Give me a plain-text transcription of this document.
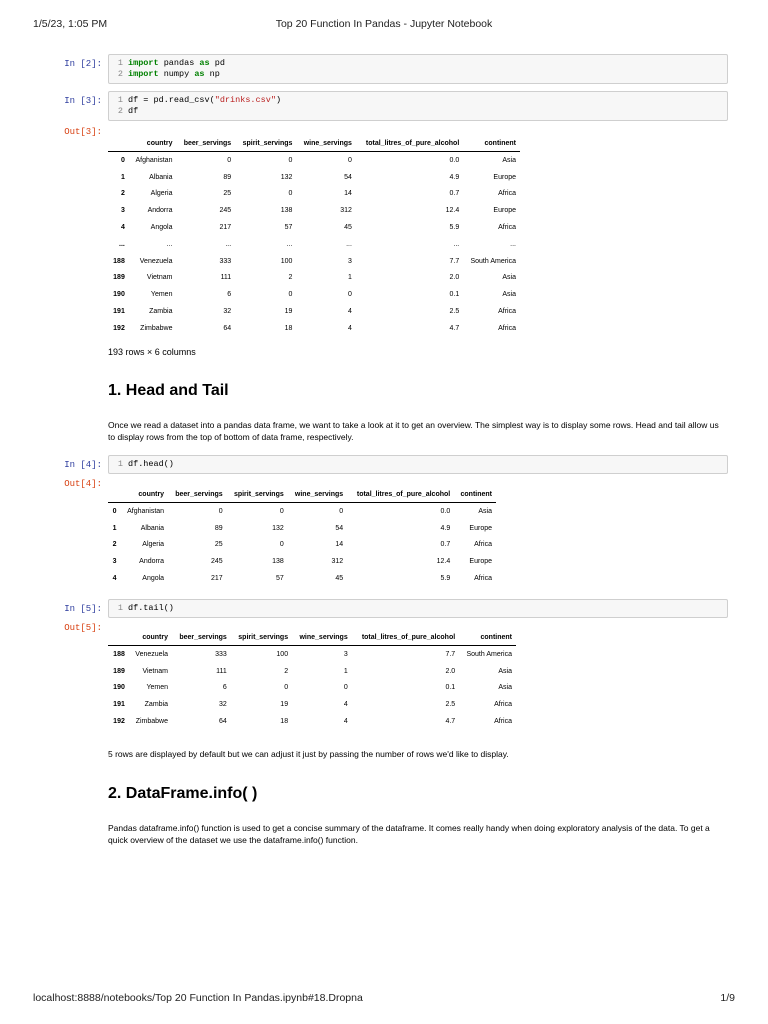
1/5/23, 1:05 PM	Top 20 Function In Pandas - Jupyter Notebook
In [2]:	1 import pandas as pd
2 import numpy as np
In [3]:	1 df = pd.read_csv("drinks.csv")
2 df
Out[3]:
	country	beer_servings	spirit_servings	wine_servings	total_litres_of_pure_alcohol	continent
0	Afghanistan	0	0	0	0.0	Asia
1	Albania	89	132	54	4.9	Europe
2	Algeria	25	0	14	0.7	Africa
3	Andorra	245	138	312	12.4	Europe
4	Angola	217	57	45	5.9	Africa
...	...	...	...	...	...	...
188	Venezuela	333	100	3	7.7	South America
189	Vietnam	111	2	1	2.0	Asia
190	Yemen	6	0	0	0.1	Asia
191	Zambia	32	19	4	2.5	Africa
192	Zimbabwe	64	18	4	4.7	Africa
193 rows × 6 columns
1. Head and Tail

Once we read a dataset into a pandas data frame, we want to take a look at it to get an overview. The simplest way is to display some rows. Head and tail allow us to display rows from the top of bottom of data frame, respectively.

In [4]:	1 df.head()
Out[4]:
	country	beer_servings	spirit_servings	wine_servings	total_litres_of_pure_alcohol	continent
0	Afghanistan	0	0	0	0.0	Asia
1	Albania	89	132	54	4.9	Europe
2	Algeria	25	0	14	0.7	Africa
3	Andorra	245	138	312	12.4	Europe
4	Angola	217	57	45	5.9	Africa
In [5]:	1 df.tail()
Out[5]:
	country	beer_servings	spirit_servings	wine_servings	total_litres_of_pure_alcohol	continent
188	Venezuela	333	100	3	7.7	South America
189	Vietnam	111	2	1	2.0	Asia
190	Yemen	6	0	0	0.1	Asia
191	Zambia	32	19	4	2.5	Africa
192	Zimbabwe	64	18	4	4.7	Africa

5 rows are displayed by default but we can adjust it just by passing the number of rows we'd like to display.

2. DataFrame.info( )

Pandas dataframe.info() function is used to get a concise summary of the dataframe. It comes really handy when doing exploratory analysis of the data. To get a quick overview of the dataset we use the dataframe.info() function.

localhost:8888/notebooks/Top 20 Function In Pandas.ipynb#18.Dropna	1/9
